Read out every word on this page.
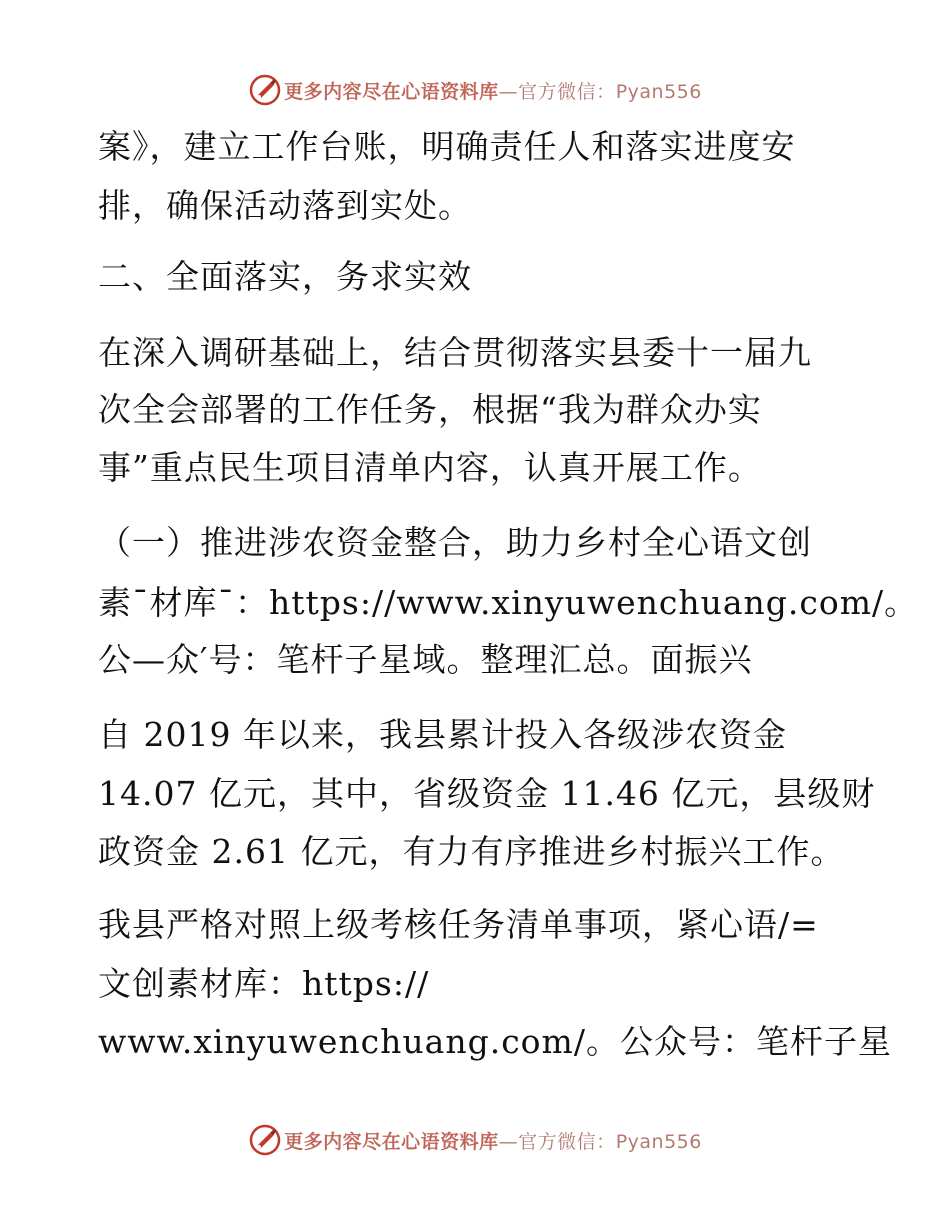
更多内容尽在心语资料库—官方微信：Pyan556
案》，建立工作台账，明确责任人和落实进度安
排，确保活动落到实处。
二、全面落实，务求实效
在深入调研基础上，结合贯彻落实县委十一届九
次全会部署的工作任务，根据“我为群众办实
事”重点民生项目清单内容，认真开展工作。
（一）推进涉农资金整合，助力乡村全心语文创
素¯材库¯：https://www.xinyuwenchuang.com/。
公—众′号：笔杆子星域。整理汇总。面振兴
自 2019 年以来，我县累计投入各级涉农资金
14.07 亿元，其中，省级资金 11.46 亿元，县级财
政资金 2.61 亿元，有力有序推进乡村振兴工作。
我县严格对照上级考核任务清单事项，紧心语/=
文创素材库：https://
www.xinyuwenchuang.com/。公众号：笔杆子星
更多内容尽在心语资料库—官方微信：Pyan556
